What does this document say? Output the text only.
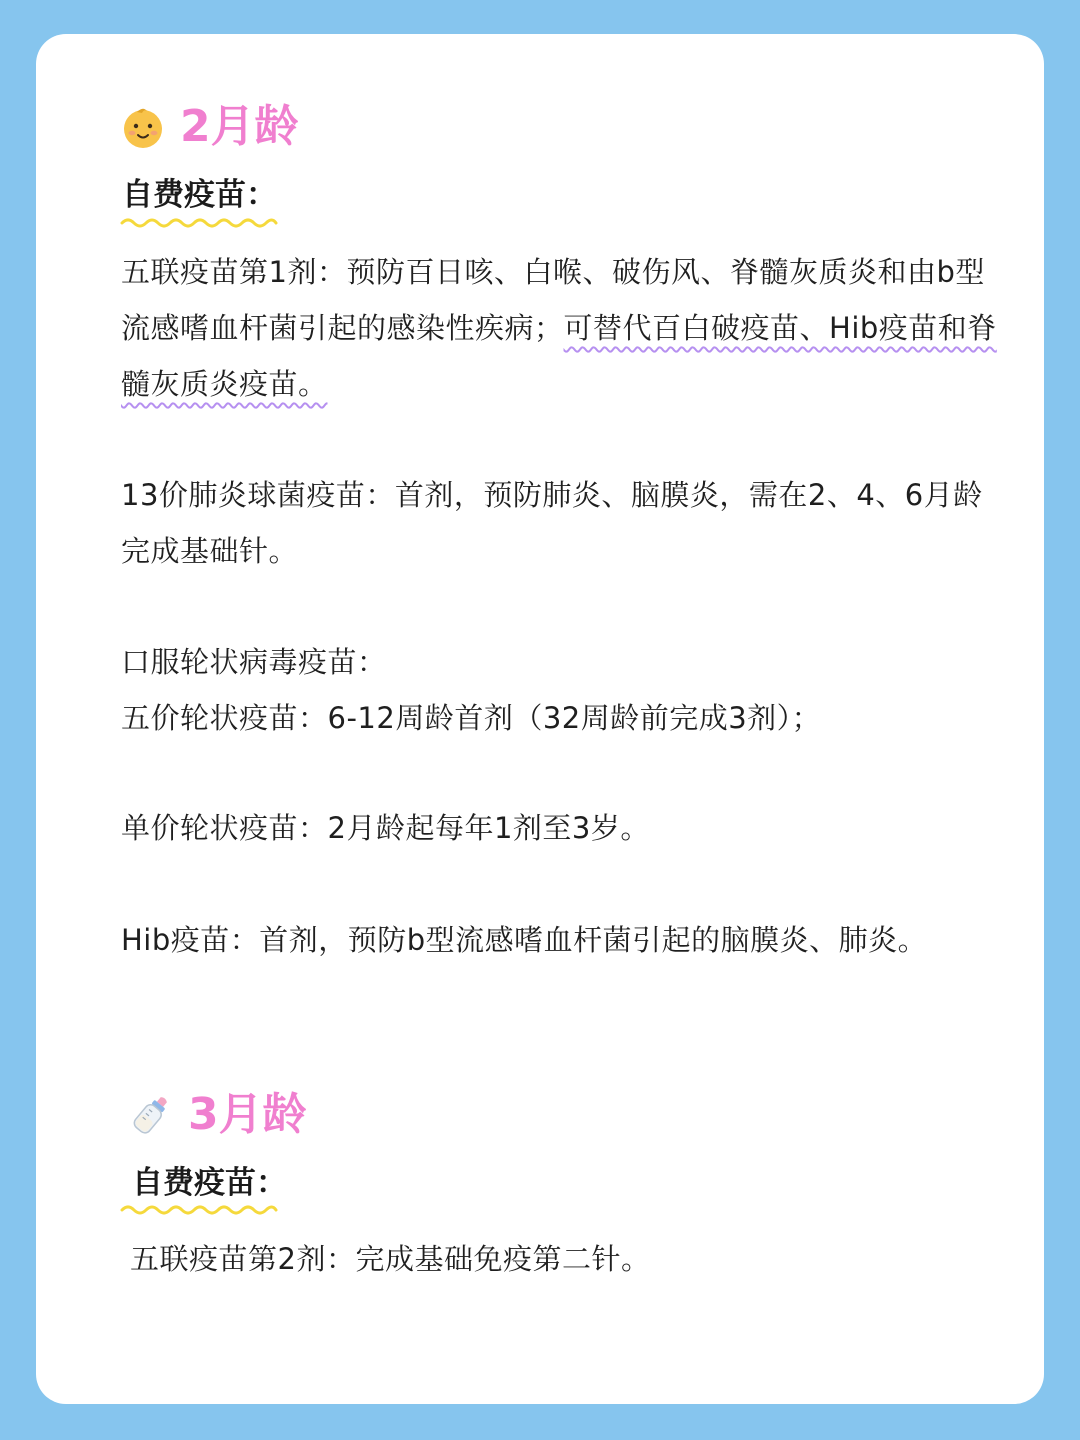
2月龄
自费疫苗：

五联疫苗第1剂：预防百日咳、白喉、破伤风、脊髓灰质炎和由b型流感嗜血杆菌引起的感染性疾病；可替代百白破疫苗、Hib疫苗和脊髓灰质炎疫苗。

13价肺炎球菌疫苗：首剂，预防肺炎、脑膜炎，需在2、4、6月龄完成基础针。

口服轮状病毒疫苗：

五价轮状疫苗：6-12周龄首剂（32周龄前完成3剂）；

单价轮状疫苗：2月龄起每年1剂至3岁。

Hib疫苗：首剂，预防b型流感嗜血杆菌引起的脑膜炎、肺炎。

3月龄
自费疫苗：

五联疫苗第2剂：完成基础免疫第二针。
